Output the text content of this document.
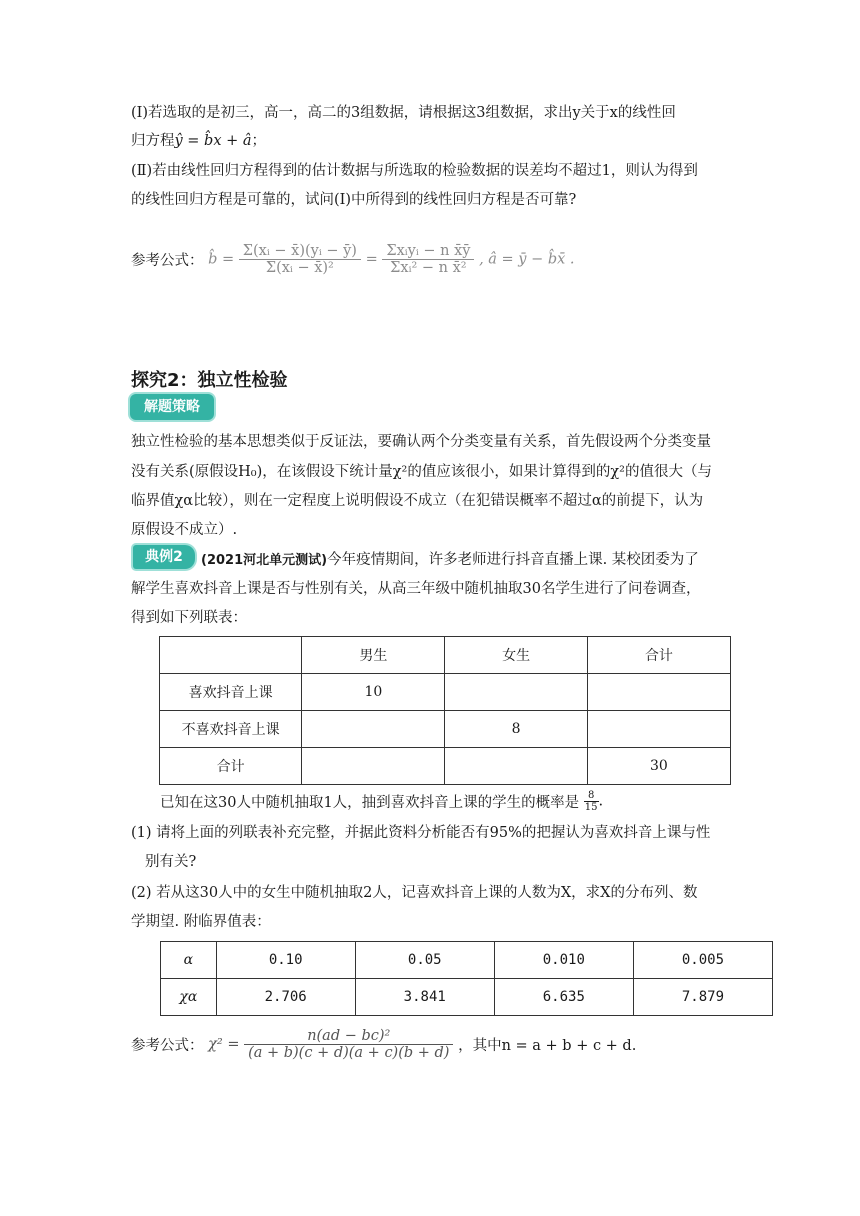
(Ⅰ)若选取的是初三，高一，高二的3组数据，请根据这3组数据，求出y关于x的线性回
归方程ŷ = b̂x + â；
(Ⅱ)若由线性回归方程得到的估计数据与所选取的检验数据的误差均不超过1，则认为得到
的线性回归方程是可靠的，试问(Ⅰ)中所得到的线性回归方程是否可靠?
参考公式： b̂ = $\frac{\text{Σ(xᵢ − x̄)(yᵢ − ȳ)}}{\text{Σ(xᵢ − x̄)²}} = \frac{\text{Σxᵢyᵢ − n x̄ȳ}}{\text{Σxᵢ² − n x̄²}}$ , â = ȳ − b̂x̄ .
探究2：独立性检验
解题策略
独立性检验的基本思想类似于反证法，要确认两个分类变量有关系，首先假设两个分类变量
没有关系(原假设H₀)，在该假设下统计量χ²的值应该很小，如果计算得到的χ²的值很大（与
临界值χα比较），则在一定程度上说明假设不成立（在犯错误概率不超过α的前提下，认为
原假设不成立）.
典例2	(2021河北单元测试)今年疫情期间，许多老师进行抖音直播上课. 某校团委为了
解学生喜欢抖音上课是否与性别有关，从高三年级中随机抽取30名学生进行了问卷调查，
得到如下列联表：
	男生	女生	合计
喜欢抖音上课	10		
不喜欢抖音上课		8	
合计			30
已知在这30人中随机抽取1人，抽到喜欢抖音上课的学生的概率是 $\frac{8}{15}$ .
(1) 请将上面的列联表补充完整，并据此资料分析能否有95%的把握认为喜欢抖音上课与性
别有关?
(2) 若从这30人中的女生中随机抽取2人，记喜欢抖音上课的人数为X，求X的分布列、数
学期望. 附临界值表：
α	0.10	0.05	0.010	0.005
χα	2.706	3.841	6.635	7.879
参考公式： $\chi^2 = \frac{\text{n(ad − bc)²}}{(a + b)(c + d)(a + c)(b + d)}$ ，其中n = a + b + c + d.
